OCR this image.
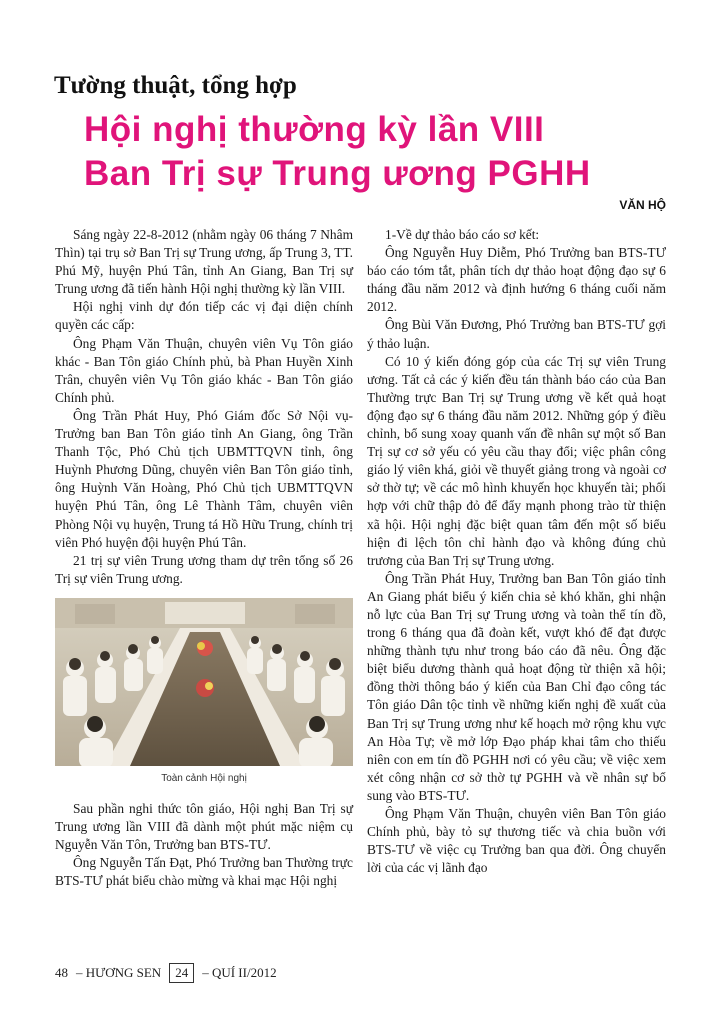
Tường thuật, tổng hợp
Hội nghị thường kỳ lần VIII
Ban Trị sự Trung ương PGHH
VĂN HỘ

Sáng ngày 22-8-2012 (nhằm ngày 06 tháng 7 Nhâm Thìn) tại trụ sở Ban Trị sự Trung ương, ấp Trung 3, TT. Phú Mỹ, huyện Phú Tân, tỉnh An Giang, Ban Trị sự Trung ương đã tiến hành Hội nghị thường kỳ lần VIII.

Hội nghị vinh dự đón tiếp các vị đại diện chính quyền các cấp:

Ông Phạm Văn Thuận, chuyên viên Vụ Tôn giáo khác - Ban Tôn giáo Chính phủ, bà Phan Huyền Xinh Trân, chuyên viên Vụ Tôn giáo khác - Ban Tôn giáo Chính phủ.

Ông Trần Phát Huy, Phó Giám đốc Sở Nội vụ-Trưởng ban Ban Tôn giáo tỉnh An Giang, ông Trần Thanh Tộc, Phó Chủ tịch UBMTTQVN tỉnh, ông Huỳnh Phương Dũng, chuyên viên Ban Tôn giáo tỉnh, ông Huỳnh Văn Hoàng, Phó Chủ tịch UBMTTQVN huyện Phú Tân, ông Lê Thành Tâm, chuyên viên Phòng Nội vụ huyện, Trung tá Hồ Hữu Trung, chính trị viên Phó huyện đội huyện Phú Tân.

21 trị sự viên Trung ương tham dự trên tổng số 26 Trị sự viên Trung ương.

Toàn cảnh Hội nghị

Sau phần nghi thức tôn giáo, Hội nghị Ban Trị sự Trung ương lần VIII đã dành một phút mặc niệm cụ Nguyễn Văn Tôn, Trưởng ban BTS-TƯ.

Ông Nguyễn Tấn Đạt, Phó Trưởng ban Thường trực BTS-TƯ phát biểu chào mừng và khai mạc Hội nghị

1-Về dự thảo báo cáo sơ kết:

Ông Nguyễn Huy Diễm, Phó Trưởng ban BTS-TƯ báo cáo tóm tắt, phân tích dự thảo hoạt động đạo sự 6 tháng đầu năm 2012 và định hướng 6 tháng cuối năm 2012.

Ông Bùi Văn Đương, Phó Trưởng ban BTS-TƯ gợi ý thảo luận.

Có 10 ý kiến đóng góp của các Trị sự viên Trung ương. Tất cả các ý kiến đều tán thành báo cáo của Ban Thường trực Ban Trị sự Trung ương về kết quả hoạt động đạo sự 6 tháng đầu năm 2012. Những góp ý điều chỉnh, bổ sung xoay quanh vấn đề nhân sự một số Ban Trị sự cơ sở yếu có yêu cầu thay đổi; việc phân công giáo lý viên khá, giỏi về thuyết giảng trong và ngoài cơ sở thờ tự; về các mô hình khuyến học khuyến tài; phối hợp với chữ thập đỏ để đẩy mạnh phong trào từ thiện xã hội. Hội nghị đặc biệt quan tâm đến một số biểu hiện đi lệch tôn chỉ hành đạo và không đúng chủ trương của Ban Trị sự Trung ương.

Ông Trần Phát Huy, Trưởng ban Ban Tôn giáo tỉnh An Giang phát biểu ý kiến chia sẻ khó khăn, ghi nhận nỗ lực của Ban Trị sự Trung ương và toàn thể tín đồ, trong 6 tháng qua đã đoàn kết, vượt khó để đạt được những thành tựu như trong báo cáo đã nêu. Ông đặc biệt biểu dương thành quả hoạt động từ thiện xã hội; đồng thời thông báo ý kiến của Ban Chỉ đạo công tác Tôn giáo Dân tộc tỉnh về những kiến nghị đề xuất của Ban Trị sự Trung ương như kế hoạch mở rộng khu vực An Hòa Tự; về mở lớp Đạo pháp khai tâm cho thiếu niên con em tín đồ PGHH nơi có yêu cầu; về việc xem xét công nhận cơ sở thờ tự PGHH và về nhân sự bổ sung vào BTS-TƯ.

Ông Phạm Văn Thuận, chuyên viên Ban Tôn giáo Chính phủ, bày tỏ sự thương tiếc và chia buồn với BTS-TƯ về việc cụ Trưởng ban qua đời. Ông chuyển lời của các vị lãnh đạo

48 – HƯƠNG SEN	24	– QUÍ II/2012
